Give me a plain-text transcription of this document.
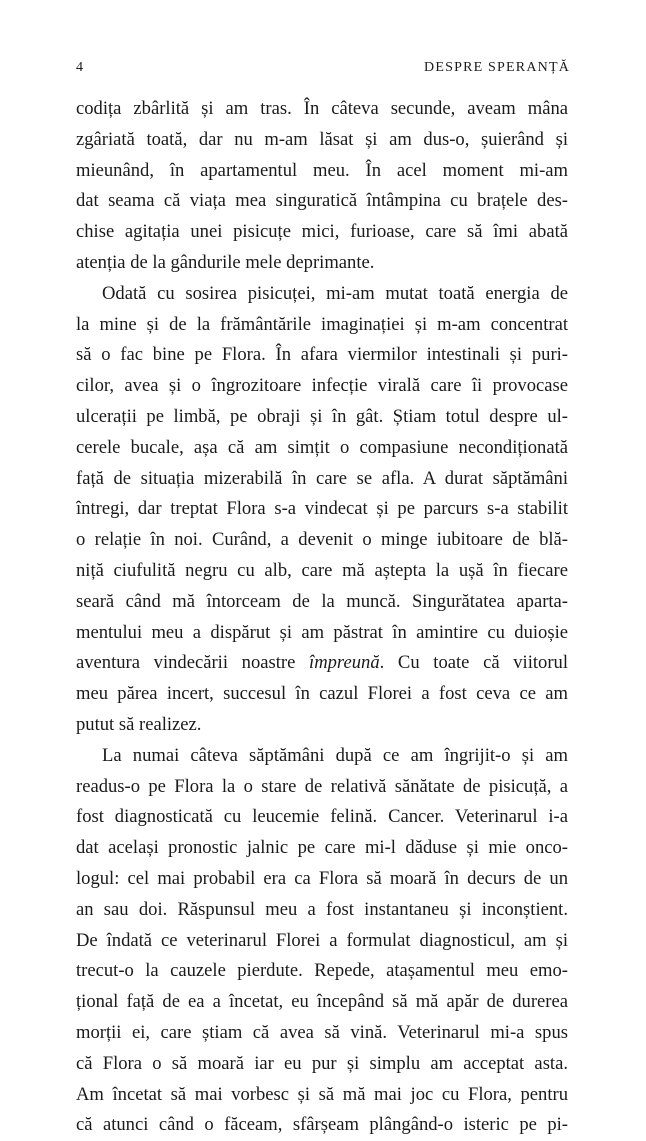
4	DESPRE SPERANȚĂ
codița zbârlită și am tras. În câteva secunde, aveam mâna
zgâriată toată, dar nu m-am lăsat și am dus-o, șuierând și
mieunând, în apartamentul meu. În acel moment mi-am
dat seama că viața mea singuratică întâmpina cu brațele des-
chise agitația unei pisicuțe mici, furioase, care să îmi abată
atenția de la gândurile mele deprimante.
Odată cu sosirea pisicuței, mi-am mutat toată energia de
la mine și de la frământările imaginației și m-am concentrat
să o fac bine pe Flora. În afara viermilor intestinali și puri-
cilor, avea și o îngrozitoare infecție virală care îi provocase
ulcerații pe limbă, pe obraji și în gât. Știam totul despre ul-
cerele bucale, așa că am simțit o compasiune necondiționată
față de situația mizerabilă în care se afla. A durat săptămâni
întregi, dar treptat Flora s-a vindecat și pe parcurs s-a stabilit
o relație în noi. Curând, a devenit o minge iubitoare de blă-
niță ciufulită negru cu alb, care mă aștepta la ușă în fiecare
seară când mă întorceam de la muncă. Singurătatea aparta-
mentului meu a dispărut și am păstrat în amintire cu duioșie
aventura vindecării noastre împreună. Cu toate că viitorul
meu părea incert, succesul în cazul Florei a fost ceva ce am
putut să realizez.
La numai câteva săptămâni după ce am îngrijit-o și am
readus-o pe Flora la o stare de relativă sănătate de pisicuță, a
fost diagnosticată cu leucemie felină. Cancer. Veterinarul i-a
dat același pronostic jalnic pe care mi-l dăduse și mie onco-
logul: cel mai probabil era ca Flora să moară în decurs de un
an sau doi. Răspunsul meu a fost instantaneu și inconștient.
De îndată ce veterinarul Florei a formulat diagnosticul, am și
trecut-o la cauzele pierdute. Repede, atașamentul meu emo-
țional față de ea a încetat, eu începând să mă apăr de durerea
morții ei, care știam că avea să vină. Veterinarul mi-a spus
că Flora o să moară iar eu pur și simplu am acceptat asta.
Am încetat să mai vorbesc și să mă mai joc cu Flora, pentru
că atunci când o făceam, sfârșeam plângând-o isteric pe pi-
